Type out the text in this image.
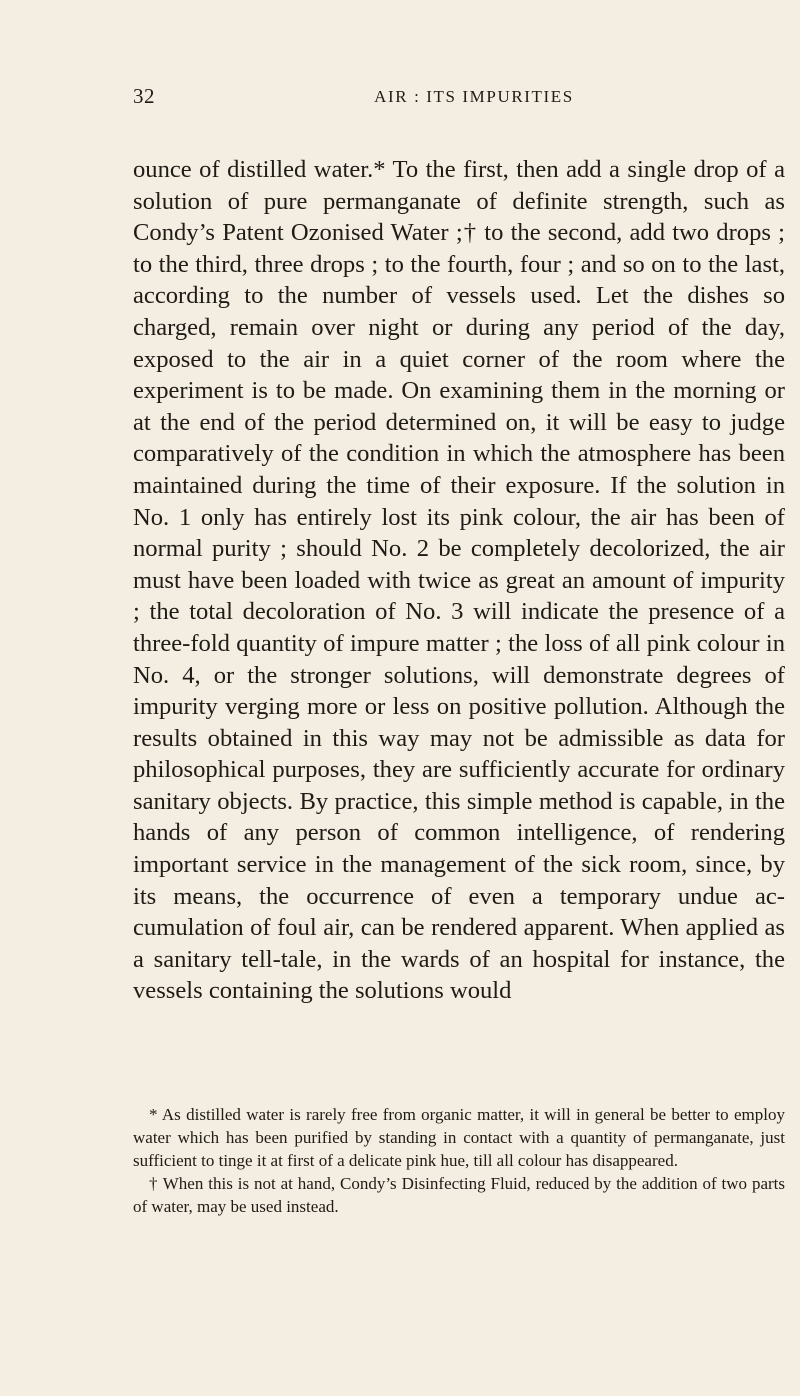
32	AIR : ITS IMPURITIES

ounce of distilled water.* To the first, then add a single drop of a solution of pure permanganate of definite strength, such as Condy’s Patent Ozonised Water ;† to the second, add two drops ; to the third, three drops ; to the fourth, four ; and so on to the last, according to the number of vessels used. Let the dishes so charged, remain over night or during any period of the day, exposed to the air in a quiet corner of the room where the experiment is to be made. On examining them in the morning or at the end of the period determined on, it will be easy to judge comparatively of the condition in which the atmosphere has been maintained during the time of their exposure. If the solution in No. 1 only has entirely lost its pink colour, the air has been of normal purity ; should No. 2 be completely decolorized, the air must have been loaded with twice as great an amount of impurity ; the total decoloration of No. 3 will indicate the presence of a three-fold quantity of impure matter ; the loss of all pink colour in No. 4, or the stronger solutions, will demonstrate degrees of impurity verging more or less on positive pollution. Although the results obtained in this way may not be admissible as data for philosophical purposes, they are sufficiently accurate for ordinary sanitary objects. By practice, this simple method is capable, in the hands of any person of common intelligence, of rendering important service in the management of the sick room, since, by its means, the occurrence of even a temporary undue accumulation of foul air, can be rendered apparent. When applied as a sanitary tell-tale, in the wards of an hospital for instance, the vessels containing the solutions would

* As distilled water is rarely free from organic matter, it will in general be better to employ water which has been purified by standing in contact with a quantity of permanganate, just sufficient to tinge it at first of a delicate pink hue, till all colour has disappeared.

† When this is not at hand, Condy’s Disinfecting Fluid, reduced by the addition of two parts of water, may be used instead.
